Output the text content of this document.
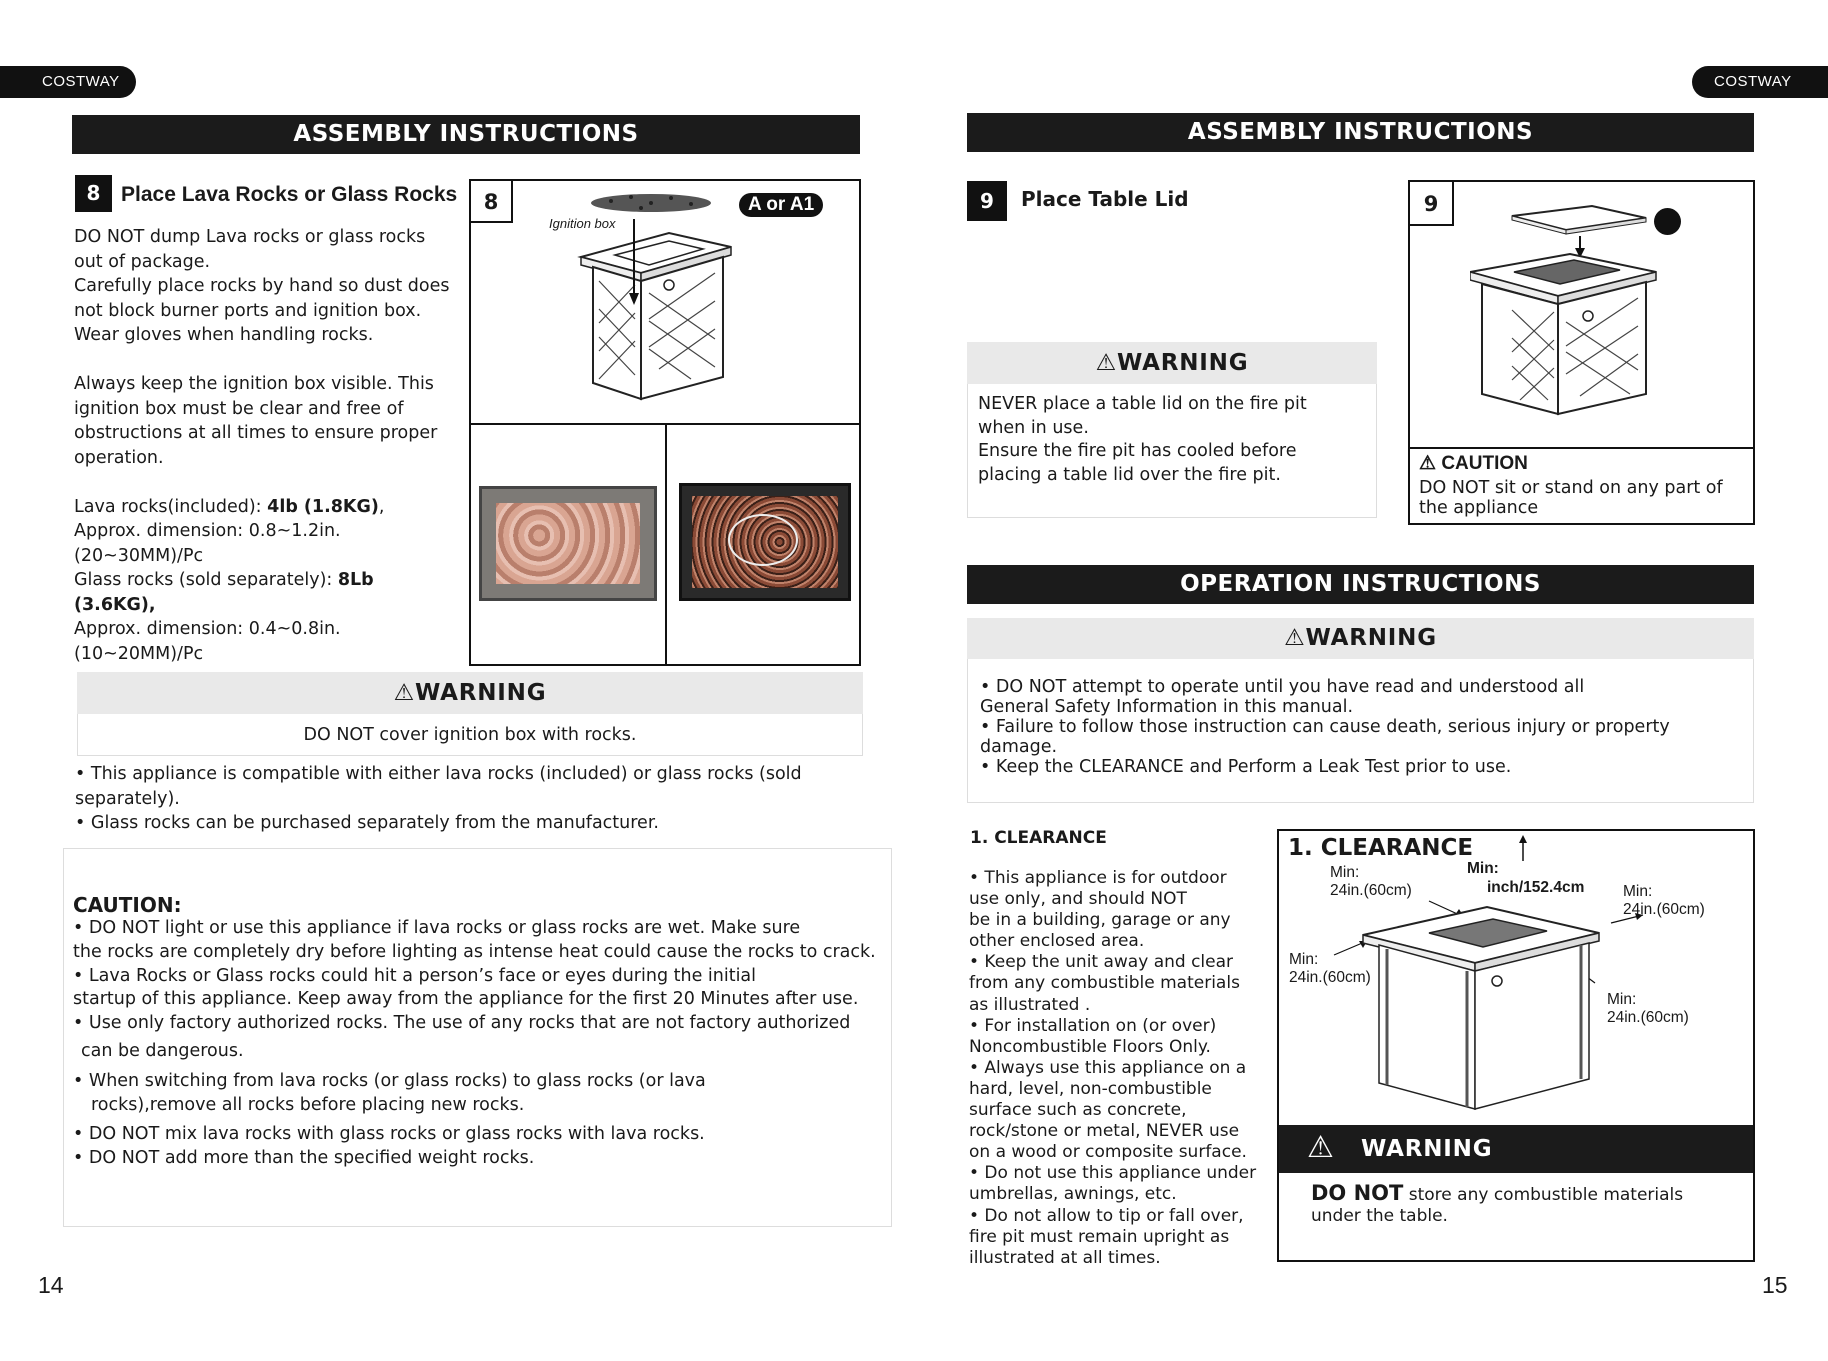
COSTWAY
ASSEMBLY INSTRUCTIONS
8 Place Lava Rocks or Glass Rocks

DO NOT dump Lava rocks or glass rocks

out of package.

Carefully place rocks by hand so dust does

not block burner ports and ignition box.

Wear gloves when handling rocks.

Always keep the ignition box visible. This

ignition box must be clear and free of

obstructions at all times to ensure proper

operation.

Lava rocks(included): 4lb (1.8KG),

Approx. dimension: 0.8~1.2in.

(20~30MM)/Pc

Glass rocks (sold separately): 8Lb

(3.6KG),

Approx. dimension: 0.4~0.8in.

(10~20MM)/Pc

8	A or A1
Ignition box
⚠WARNING
DO NOT cover ignition box with rocks.

• This appliance is compatible with either lava rocks (included) or glass rocks (sold

separately).

• Glass rocks can be purchased separately from the manufacturer.

CAUTION:

• DO NOT light or use this appliance if lava rocks or glass rocks are wet. Make sure

the rocks are completely dry before lighting as intense heat could cause the rocks to crack.

• Lava Rocks or Glass rocks could hit a person’s face or eyes during the initial

startup of this appliance. Keep away from the appliance for the first 20 Minutes after use.

• Use only factory authorized rocks. The use of any rocks that are not factory authorized

can be dangerous.

• When switching from lava rocks (or glass rocks) to glass rocks (or lava

rocks),remove all rocks before placing new rocks.

• DO NOT mix lava rocks with glass rocks or glass rocks with lava rocks.

• DO NOT add more than the specified weight rocks.

14
COSTWAY
ASSEMBLY INSTRUCTIONS
9	Place Table Lid
⚠WARNING

NEVER place a table lid on the fire pit

when in use.

Ensure the fire pit has cooled before

placing a table lid over the fire pit.

9
⚠ CAUTION

DO NOT sit or stand on any part of

the appliance

OPERATION INSTRUCTIONS
⚠WARNING

• DO NOT attempt to operate until you have read and understood all

General Safety Information in this manual.

• Failure to follow those instruction can cause death, serious injury or property

damage.

• Keep the CLEARANCE and Perform a Leak Test prior to use.

1. CLEARANCE

• This appliance is for outdoor

use only, and should NOT

be in a building, garage or any

other enclosed area.

• Keep the unit away and clear

from any combustible materials

as illustrated .

• For installation on (or over)

Noncombustible Floors Only.

• Always use this appliance on a

hard, level, non-combustible

surface such as concrete,

rock/stone or metal, NEVER use

on a wood or composite surface.

• Do not use this appliance under

umbrellas, awnings, etc.

• Do not allow to tip or fall over,

fire pit must remain upright as

illustrated at all times.

1. CLEARANCE
Min:
24in.(60cm)
Min:
inch/152.4cm Min:
24in.(60cm)
Min:
24in.(60cm)
Min:
24in.(60cm)
⚠ WARNING

DO NOT store any combustible materials

under the table.

15
